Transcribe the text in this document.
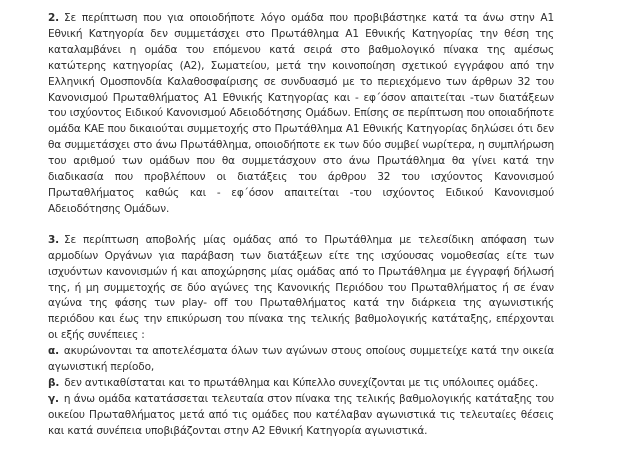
2. Σε περίπτωση που για οποιοδήποτε λόγο ομάδα που προβιβάστηκε κατά τα άνω στην Α1 Εθνική Κατηγορία δεν συμμετάσχει στο Πρωτάθλημα Α1 Εθνικής Κατηγορίας την θέση της καταλαμβάνει η ομάδα του επόμενου κατά σειρά στο βαθμολογικό πίνακα της αμέσως κατώτερης κατηγορίας (Α2), Σωματείου, μετά την κοινοποίηση σχετικού εγγράφου από την Ελληνική Ομοσπονδία Καλαθοσφαίρισης σε συνδυασμό με το περιεχόμενο των άρθρων 32 του Κανονισμού Πρωταθλήματος Α1 Εθνικής Κατηγορίας και - εφ΄όσον απαιτείται -των διατάξεων του ισχύοντος Ειδικού Κανονισμού Αδειοδότησης Ομάδων. Επίσης σε περίπτωση που οποιαδήποτε ομάδα ΚΑΕ που δικαιούται συμμετοχής στο Πρωτάθλημα Α1 Εθνικής Κατηγορίας δηλώσει ότι δεν θα συμμετάσχει στο άνω Πρωτάθλημα, οποιοδήποτε εκ των δύο συμβεί νωρίτερα, η συμπλήρωση του αριθμού των ομάδων που θα συμμετάσχουν στο άνω Πρωτάθλημα θα γίνει κατά την διαδικασία που προβλέπουν οι διατάξεις του άρθρου 32 του ισχύοντος Κανονισμού Πρωταθλήματος καθώς και - εφ΄όσον απαιτείται -του ισχύοντος Ειδικού Κανονισμού Αδειοδότησης Ομάδων.

3. Σε περίπτωση αποβολής μίας ομάδας από το Πρωτάθλημα με τελεσίδικη απόφαση των αρμοδίων Οργάνων για παράβαση των διατάξεων είτε της ισχύουσας νομοθεσίας είτε των ισχυόντων κανονισμών ή και αποχώρησης μίας ομάδας από το Πρωτάθλημα με έγγραφή δήλωσή της, ή μη συμμετοχής σε δύο αγώνες της Κανονικής Περιόδου του Πρωταθλήματος ή σε έναν αγώνα της φάσης των play- off του Πρωταθλήματος κατά την διάρκεια της αγωνιστικής περιόδου και έως την επικύρωση του πίνακα της τελικής βαθμολογικής κατάταξης, επέρχονται οι εξής συνέπειες :

α. ακυρώνονται τα αποτελέσματα όλων των αγώνων στους οποίους συμμετείχε κατά την οικεία αγωνιστική περίοδο,

β. δεν αντικαθίσταται και το πρωτάθλημα και Κύπελλο συνεχίζονται με τις υπόλοιπες ομάδες.

γ. η άνω ομάδα κατατάσσεται τελευταία στον πίνακα της τελικής βαθμολογικής κατάταξης του οικείου Πρωταθλήματος μετά από τις ομάδες που κατέλαβαν αγωνιστικά τις τελευταίες θέσεις και κατά συνέπεια υποβιβάζονται στην Α2 Εθνική Κατηγορία αγωνιστικά.
